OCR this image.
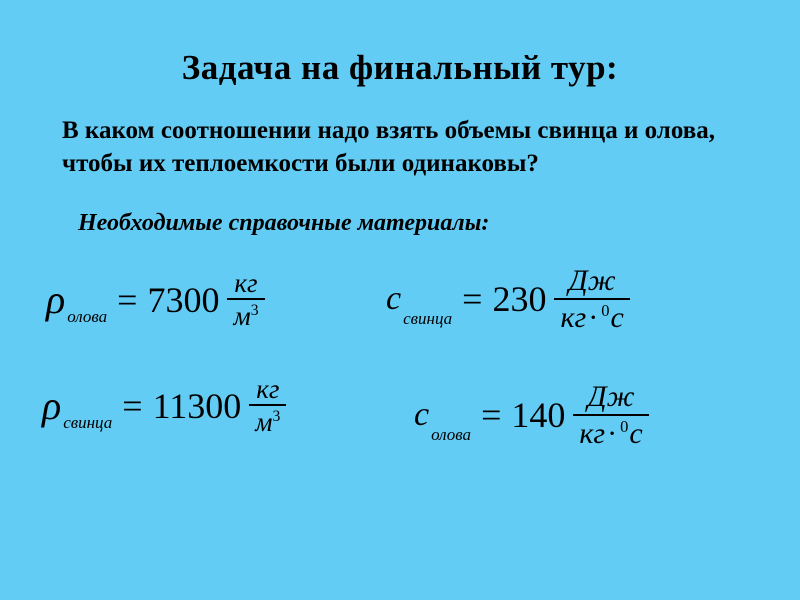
Задача на финальный тур:
В каком соотношении надо взять объемы свинца и олова, чтобы их теплоемкости были одинаковы?
Необходимые справочные материалы:
ρ олова = $7300 \frac{кг}{м^3}$	c
свинца = $230 \frac{Дж}{кг\cdot ^0с}$
ρ свинца = $11300 \frac{кг}{м^3}$	c
олова = $140 \frac{Дж}{кг\cdot ^0с}$
